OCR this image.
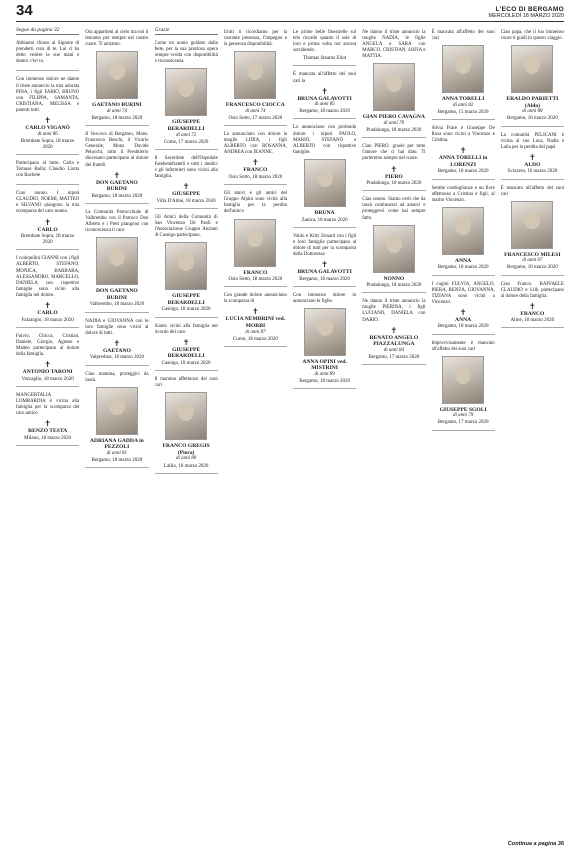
34	L'ECO DI BERGAMO
MERCOLEDÌ 18 MARZO 2020
Segue da pagina 32

Abbiamo chiuso al Signore di prenderti cura di te. Lui ci ha detto vedere le sue mani e dentro c'eri tu.

Con immenso dolore ne danno il triste annuncio la mia adorata PINA, i figli FABIO, BRUNO con FILIPPA, SAMANTA, CRISTIANA, MELISSA e parenti tutti.

✝
CARLO VIGANÒ
di anni 86
Brembate Sopra, 18 marzo 2020

Partecipano al lutto: Carla e Tomaso Bulla; Claudio Liotta con Rachele

Ciao nonno. I nipoti CLAUDIO, NOEMI, MATTEO e SILVANO piangono la mia scomparsa del caro nonno.

✝
CARLO
Brembate Sopra, 18 marzo 2020

I coinquilini GIANNI con i figli ALBERTO, STEFANO, MONICA, BARBARA, ALESSANDRO, MARCELLO, DANIELA con rispettive famiglie sono vicini alla famiglia nel dolore.

✝
CARLO
Falzangio, 18 marzo 2020

Fulvio, Chicca, Cristian, Daniele, Giorgio, Agnese e Matteo partecipano al dolore della famiglia.

✝
ANTONIO TARONI
Vezzaglio, 18 marzo 2020

MANGERTALIA LOMBARDIA è vicina alla famiglia per la scomparsa del caro amico

✝
RENZO TESTA
Milano, 18 marzo 2020

Ora appartieni al cielo ma noi ti teniamo per sempre nel nostro cuore. Ti amiamo.

GAETANO BURINI
di anni 74
Bergamo, 18 marzo 2020

Il Vescovo di Bergamo, Mons. Francesco Beschi, il Vicario Generale, Mons. Davide Pelucchi, tutto il Presbiterio diocesano partecipano al dolore dei fratelli.

✝
DON GAETANO BURINI
Bergamo, 18 marzo 2020

La Comunità Parrocchiale di Valbrembo con il Parroco Don Alberto e i Preti piangono con riconoscenza il caro

DON GAETANO BURINI
Valbrembo, 18 marzo 2020

NADIA e GIOVANNA con le loro famiglie sono vicini al dolore di tutti.

✝
GAETANO
Valpredina, 18 marzo 2020

Ciao mamma, proteggici da lassù.

ADRIANA GADDA in PEZZOLI
di anni 81
Bergamo, 18 marzo 2020
Grazie

Come un uomo guidato dalla fede, per la sua preziosa opera sempre svolta con disponibilità e riconoscenza.

GIUSEPPE BERARDELLI
di anni 72
Come, 17 marzo 2020

Il Sacerdote dell'Ospedale Fatebenefratelli e tutti i medici e gli infermieri sono vicini alla famiglia.

✝
GIUSEPPE
Villa D'Almè, 18 marzo 2020

Gli Amici della Comunità di San Vincenzo De Paoli e l'Associazione Gruppo Anziani di Casnigo partecipano.

GIUSEPPE BERARDELLI
Casnigo, 18 marzo 2020

Siamo vicini alla famiglia nel ricordo del caro

✝
GIUSEPPE BERARDELLI
Casnigo, 18 marzo 2020

Il mamma affettuoso dei suoi cari

FRANCO GREGIS (Piera)
di anni 80
Lallio, 18 marzo 2020

Uniti ti ricordiamo per la costante presenza, l'impegno e la generosa disponibilità.

FRANCESCO CIOCCA
di anni 74
Osio Sotto, 17 marzo 2020

Lo annunciano con dolore la moglie LIDIA, i figli ALBERTO con ROSANNA, ANDREA con JEANNE.

✝
FRANCO
Osio Sotto, 18 marzo 2020

Gli amici e gli amici del Gruppo Alpini sono vicini alla famiglia per la perdita dell'amico

FRANCO
Osio Sotto, 18 marzo 2020

Con grande dolore annunciano la scomparsa di

✝
LUCIA NEMBRINI ved. MORBI
di anni 87
Curno, 18 marzo 2020

Le prime belle finestrelle sul telo ricordo quanto il sole di loro e prima volta noi ancora sorridendo.

Thomas Stearns Eliot

È mancata all'affetto dei suoi cari la

✝
BRUNA GALAVOTTI
di anni 85
Bergamo, 18 marzo 2020

Lo annunciano con profondo dolore i nipoti PAOLO, MARIO, STEFANO e ALBERTO con rispettive famiglie.

BRUNA
Zanica, 18 marzo 2020

Valdo e Kitty Ennard con i figli e loro famiglie partecipano al dolore di tutti per la scomparsa della Dottoressa

✝
BRUNA GALAVOTTI
Bergamo, 18 marzo 2020

Con immenso dolore lo annunciano le figlie.

ANNA OPINI ved. MISTRINI
di anni 89
Bergamo, 18 marzo 2020

Ne danno il triste annuncio la moglie NADIA, le figlie ANGELA e SARA con MARCO, CRISTIAN, SOFIA e MATTIA.

GIAN PIERO CAVAGNA
di anni 79
Pradalunga, 18 marzo 2020

Ciao PIERO, grazie per tutto l'amore che ci hai dato. Ti porteremo sempre nel cuore.

✝
PIERO
Pradalunga, 18 marzo 2020

Ciao nonno. Siamo certi che da lassù continuerai ad amarci e proteggerci come hai sempre fatto.

NONNO
Pradalunga, 18 marzo 2020

Ne danno il triste annuncio la moglie PIERINA, i figli LUCIANO, DANIELA con DARIO.

✝
RENATO ANGELO PIAZZALUNGA
di anni 84
Bergamo, 17 marzo 2020

È mancata all'affetto dei suoi cari

ANNA TORELLI
di anni 82
Bergamo, 15 marzo 2020

Silvia Frare e Giuseppe De Rosa sono vicini a Vincenzo e Cristina.

✝
ANNA TORELLI in LORENZI
Bergamo, 18 marzo 2020

Sentite condoglianze e un fiore affettuoso a Cristina e figli, al marito Vincenzo.

ANNA
Bergamo, 18 marzo 2020

I cugini FULVIA, ANGELO, PIERA, RENZA, GIOVANNA, TIZIANA sono vicini a Vincenzo.

✝
ANNA
Bergamo, 18 marzo 2020

Improvvisamente è mancato all'affetto dei suoi cari

GIUSEPPE SGOLI
di anni 79
Bergamo, 17 marzo 2020

Ciao papà, che il tuo immenso cuore ti guidi in questo viaggio.

ERALDO PARIETTI (Aldo)
di anni 88
Bergamo, 18 marzo 2020

La comunità PELICANI è vicina al suo Luca, Nadia e Laila per la perdita del papà

✝
ALDO
Svizzera, 16 marzo 2020

È mancato all'affetto dei suoi cari

FRANCESCO MILESI
di anni 67
Bergamo, 18 marzo 2020

Ciao Franco. RAFFAELE CLAUDIO e Lilli partecipano al dolore della famiglia.

✝
FRANCO
Almè, 18 marzo 2020
Continua a pagina 36
